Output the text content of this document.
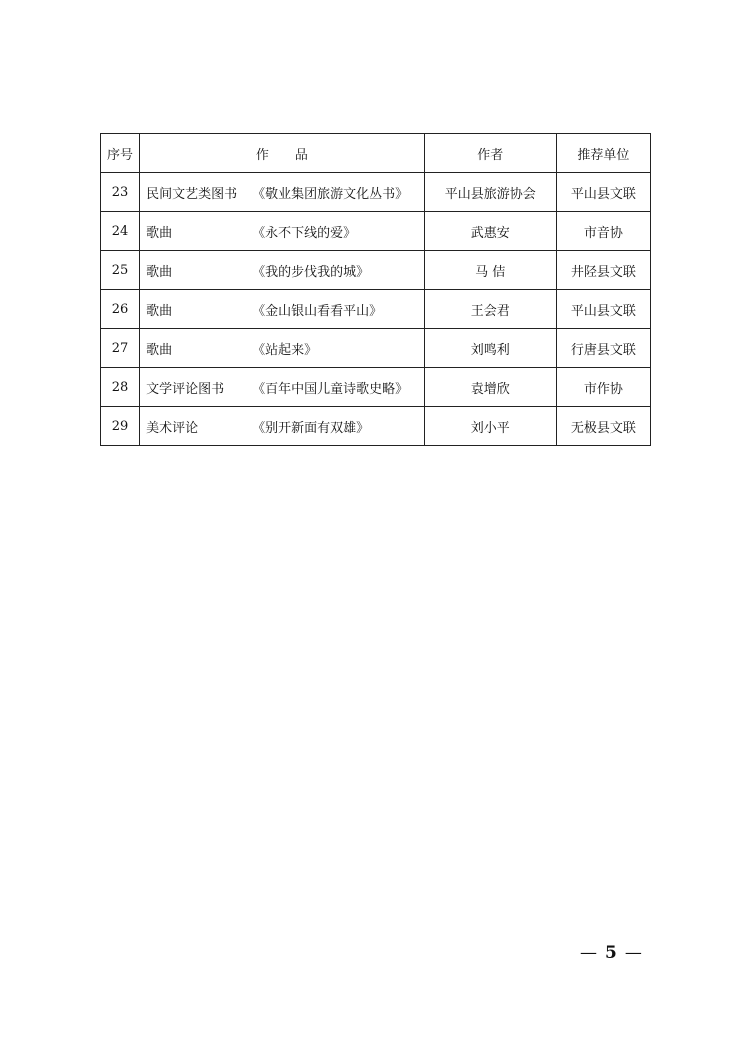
序号	作　　品	作者	推荐单位
23	民间文艺类图书 《敬业集团旅游文化丛书》	平山县旅游协会	平山县文联
24	歌曲 《永不下线的爱》	武惠安	市音协
25	歌曲 《我的步伐我的城》	马 佶	井陉县文联
26	歌曲 《金山银山看看平山》	王会君	平山县文联
27	歌曲 《站起来》	刘鸣利	行唐县文联
28	文学评论图书 《百年中国儿童诗歌史略》	袁增欣	市作协
29	美术评论 《别开新面有双雄》	刘小平	无极县文联
— 5 —
